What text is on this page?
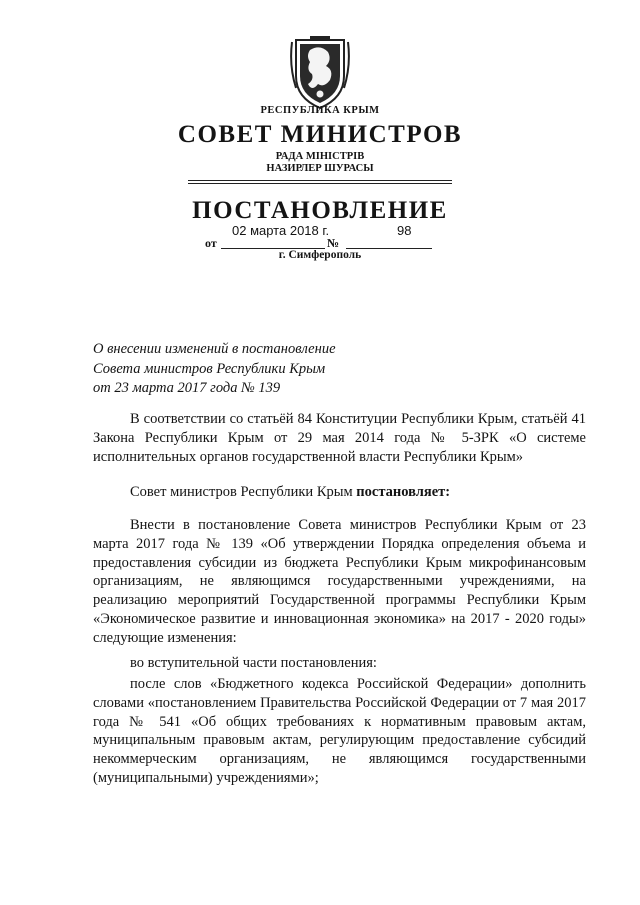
РЕСПУБЛИКА КРЫМ
СОВЕТ МИНИСТРОВ
РАДА МІНІСТРІВ
НАЗИРЛЕР ШУРАСЫ
ПОСТАНОВЛЕНИЕ
02 марта 2018 г.	98
от	№
г. Симферополь
О внесении изменений в постановление
Совета министров Республики Крым
от 23 марта 2017 года № 139

В соответствии со статьёй 84 Конституции Республики Крым, статьёй 41 Закона Республики Крым от 29 мая 2014 года № 5-ЗРК «О системе исполнительных органов государственной власти Республики Крым»

Совет министров Республики Крым постановляет:

Внести в постановление Совета министров Республики Крым от 23 марта 2017 года № 139 «Об утверждении Порядка определения объема и предоставления субсидии из бюджета Республики Крым микрофинансовым организациям, не являющимся государственными учреждениями, на реализацию мероприятий Государственной программы Республики Крым «Экономическое развитие и инновационная экономика» на 2017 - 2020 годы» следующие изменения:

во вступительной части постановления:

после слов «Бюджетного кодекса Российской Федерации» дополнить словами «постановлением Правительства Российской Федерации от 7 мая 2017 года № 541 «Об общих требованиях к нормативным правовым актам, муниципальным правовым актам, регулирующим предоставление субсидий некоммерческим организациям, не являющимся государственными (муниципальными) учреждениями»;
